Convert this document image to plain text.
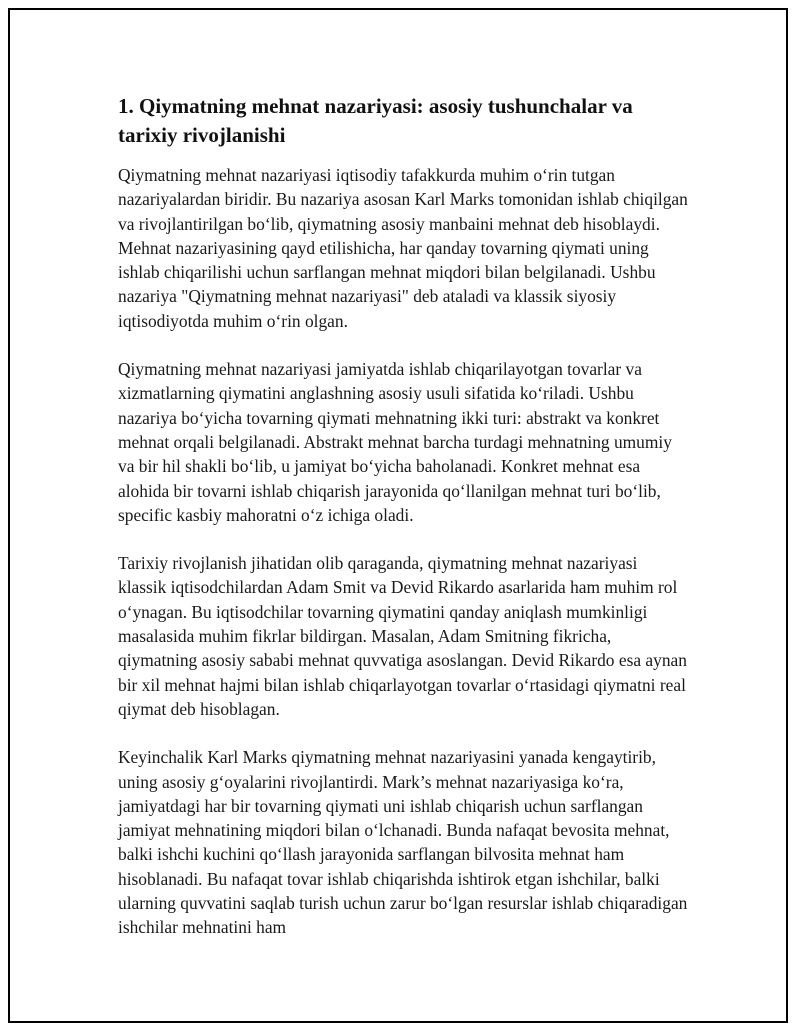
1. Qiymatning mehnat nazariyasi: asosiy tushunchalar va tarixiy rivojlanishi

Qiymatning mehnat nazariyasi iqtisodiy tafakkurda muhim o‘rin tutgan nazariyalardan biridir. Bu nazariya asosan Karl Marks tomonidan ishlab chiqilgan va rivojlantirilgan bo‘lib, qiymatning asosiy manbaini mehnat deb hisoblaydi. Mehnat nazariyasining qayd etilishicha, har qanday tovarning qiymati uning ishlab chiqarilishi uchun sarflangan mehnat miqdori bilan belgilanadi. Ushbu nazariya "Qiymatning mehnat nazariyasi" deb ataladi va klassik siyosiy iqtisodiyotda muhim o‘rin olgan.

Qiymatning mehnat nazariyasi jamiyatda ishlab chiqarilayotgan tovarlar va xizmatlarning qiymatini anglashning asosiy usuli sifatida ko‘riladi. Ushbu nazariya bo‘yicha tovarning qiymati mehnatning ikki turi: abstrakt va konkret mehnat orqali belgilanadi. Abstrakt mehnat barcha turdagi mehnatning umumiy va bir hil shakli bo‘lib, u jamiyat bo‘yicha baholanadi. Konkret mehnat esa alohida bir tovarni ishlab chiqarish jarayonida qo‘llanilgan mehnat turi bo‘lib, specific kasbiy mahoratni o‘z ichiga oladi.

Tarixiy rivojlanish jihatidan olib qaraganda, qiymatning mehnat nazariyasi klassik iqtisodchilardan Adam Smit va Devid Rikardo asarlarida ham muhim rol o‘ynagan. Bu iqtisodchilar tovarning qiymatini qanday aniqlash mumkinligi masalasida muhim fikrlar bildirgan. Masalan, Adam Smitning fikricha, qiymatning asosiy sababi mehnat quvvatiga asoslangan. Devid Rikardo esa aynan bir xil mehnat hajmi bilan ishlab chiqarlayotgan tovarlar o‘rtasidagi qiymatni real qiymat deb hisoblagan.

Keyinchalik Karl Marks qiymatning mehnat nazariyasini yanada kengaytirib, uning asosiy g‘oyalarini rivojlantirdi. Mark’s mehnat nazariyasiga ko‘ra, jamiyatdagi har bir tovarning qiymati uni ishlab chiqarish uchun sarflangan jamiyat mehnatining miqdori bilan o‘lchanadi. Bunda nafaqat bevosita mehnat, balki ishchi kuchini qo‘llash jarayonida sarflangan bilvosita mehnat ham hisoblanadi. Bu nafaqat tovar ishlab chiqarishda ishtirok etgan ishchilar, balki ularning quvvatini saqlab turish uchun zarur bo‘lgan resurslar ishlab chiqaradigan ishchilar mehnatini ham
